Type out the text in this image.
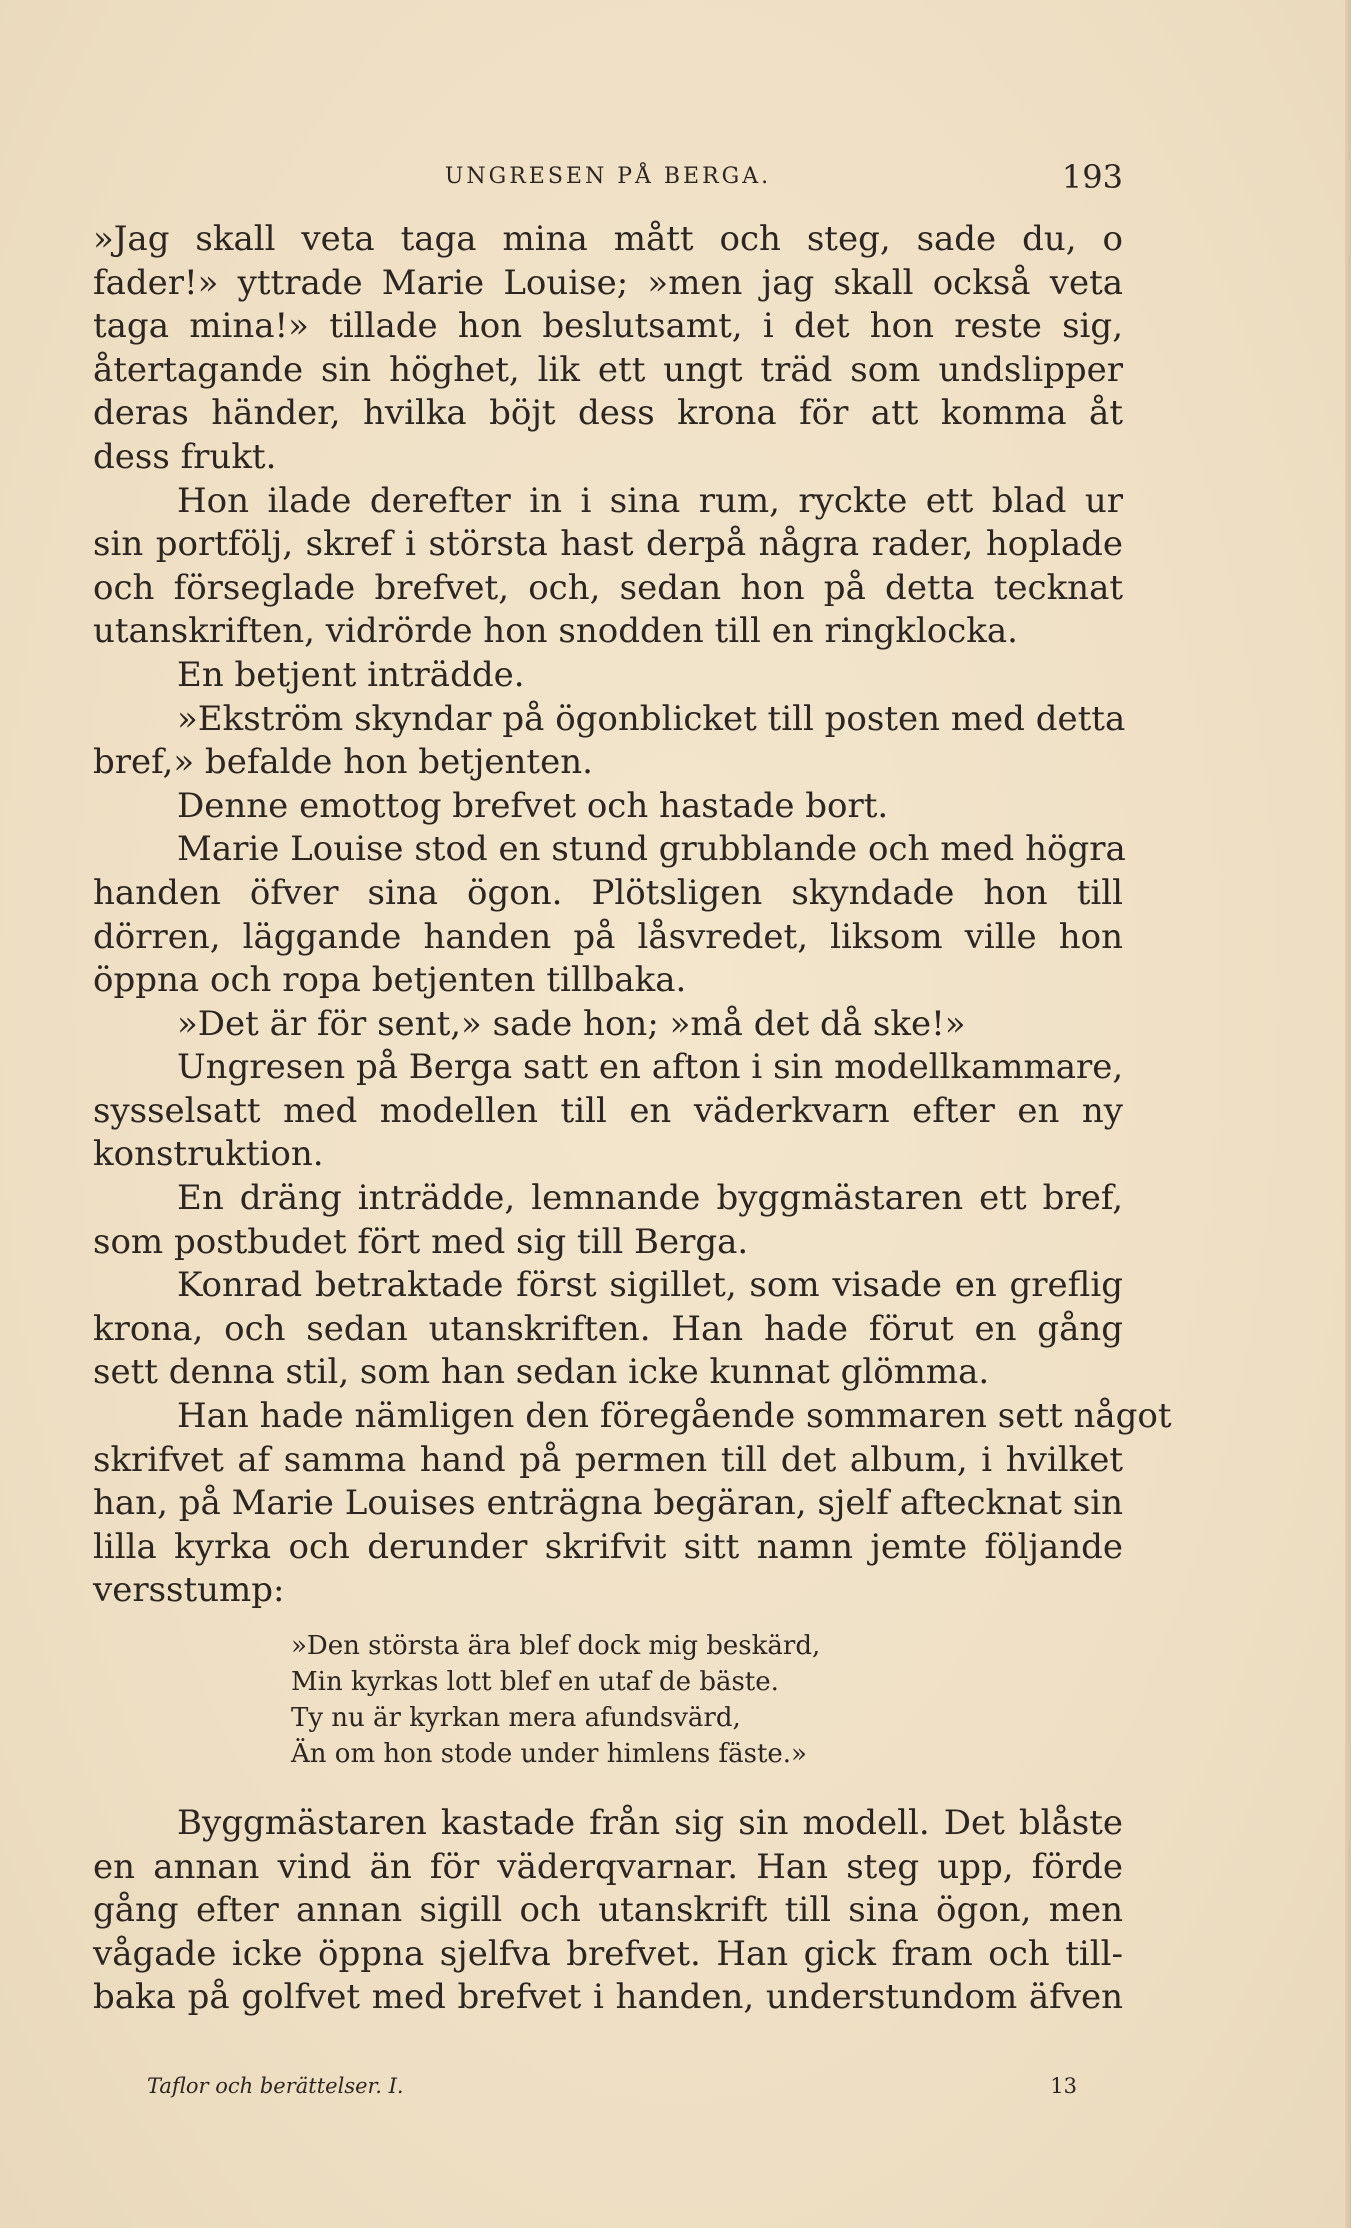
UNGRESEN PÅ BERGA.	193
»Jag skall veta taga mina mått och steg, sade du, o
fader!» yttrade Marie Louise; »men jag skall också veta
taga mina!» tillade hon beslutsamt, i det hon reste sig,
återtagande sin höghet, lik ett ungt träd som undslipper
deras händer, hvilka böjt dess krona för att komma åt
dess frukt.
Hon ilade derefter in i sina rum, ryckte ett blad ur
sin portfölj, skref i största hast derpå några rader, hoplade
och förseglade brefvet, och, sedan hon på detta tecknat
utanskriften, vidrörde hon snodden till en ringklocka.
En betjent inträdde.
»Ekström skyndar på ögonblicket till posten med detta
bref,» befalde hon betjenten.
Denne emottog brefvet och hastade bort.
Marie Louise stod en stund grubblande och med högra
handen öfver sina ögon. Plötsligen skyndade hon till
dörren, läggande handen på låsvredet, liksom ville hon
öppna och ropa betjenten tillbaka.
»Det är för sent,» sade hon; »må det då ske!»
Ungresen på Berga satt en afton i sin modellkammare,
sysselsatt med modellen till en väderkvarn efter en ny
konstruktion.
En dräng inträdde, lemnande byggmästaren ett bref,
som postbudet fört med sig till Berga.
Konrad betraktade först sigillet, som visade en greflig
krona, och sedan utanskriften. Han hade förut en gång
sett denna stil, som han sedan icke kunnat glömma.
Han hade nämligen den föregående sommaren sett något
skrifvet af samma hand på permen till det album, i hvilket
han, på Marie Louises enträgna begäran, sjelf aftecknat sin
lilla kyrka och derunder skrifvit sitt namn jemte följande
versstump:
»Den största ära blef dock mig beskärd,
Min kyrkas lott blef en utaf de bäste.
Ty nu är kyrkan mera afundsvärd,
Än om hon stode under himlens fäste.»
Byggmästaren kastade från sig sin modell. Det blåste
en annan vind än för väderqvarnar. Han steg upp, förde
gång efter annan sigill och utanskrift till sina ögon, men
vågade icke öppna sjelfva brefvet. Han gick fram och till-
baka på golfvet med brefvet i handen, understundom äfven
Taflor och berättelser. I.	13
